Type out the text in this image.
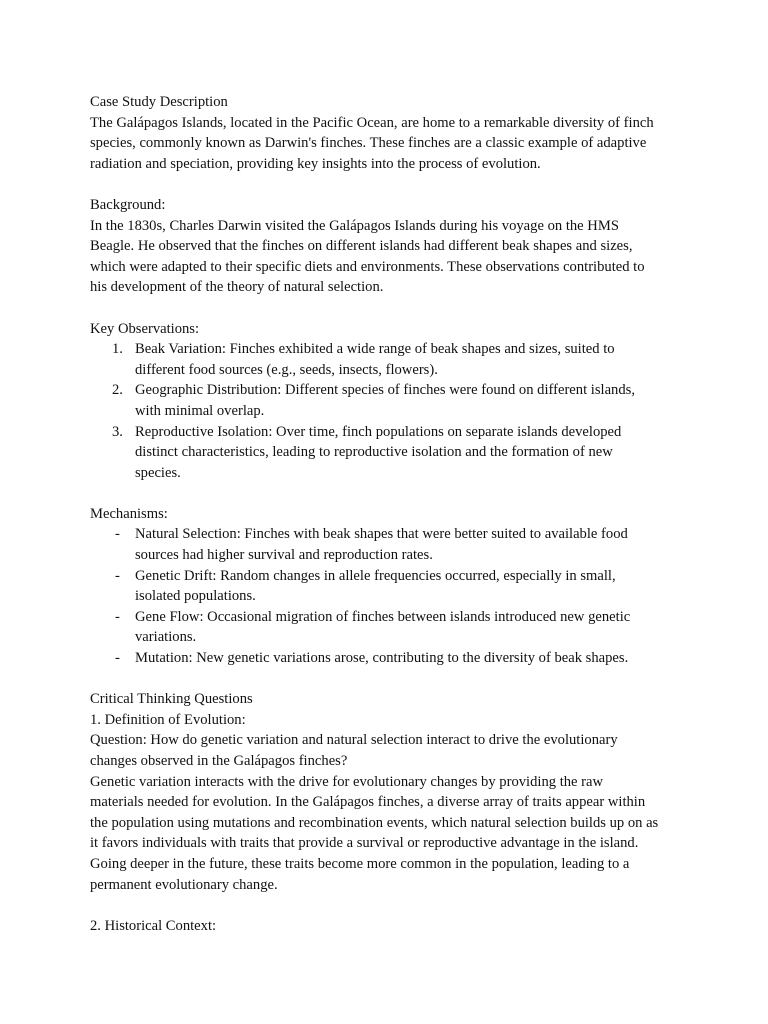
Case Study Description
The Galápagos Islands, located in the Pacific Ocean, are home to a remarkable diversity of finch
species, commonly known as Darwin's finches. These finches are a classic example of adaptive
radiation and speciation, providing key insights into the process of evolution.
Background:
In the 1830s, Charles Darwin visited the Galápagos Islands during his voyage on the HMS
Beagle. He observed that the finches on different islands had different beak shapes and sizes,
which were adapted to their specific diets and environments. These observations contributed to
his development of the theory of natural selection.
Key Observations:
1. Beak Variation: Finches exhibited a wide range of beak shapes and sizes, suited to
different food sources (e.g., seeds, insects, flowers).
2. Geographic Distribution: Different species of finches were found on different islands,
with minimal overlap.
3. Reproductive Isolation: Over time, finch populations on separate islands developed
distinct characteristics, leading to reproductive isolation and the formation of new
species.
Mechanisms:
-	Natural Selection: Finches with beak shapes that were better suited to available food
sources had higher survival and reproduction rates.
-	Genetic Drift: Random changes in allele frequencies occurred, especially in small,
isolated populations.
-	Gene Flow: Occasional migration of finches between islands introduced new genetic
variations.
-	Mutation: New genetic variations arose, contributing to the diversity of beak shapes.
Critical Thinking Questions
1. Definition of Evolution:
Question: How do genetic variation and natural selection interact to drive the evolutionary
changes observed in the Galápagos finches?
Genetic variation interacts with the drive for evolutionary changes by providing the raw
materials needed for evolution. In the Galápagos finches, a diverse array of traits appear within
the population using mutations and recombination events, which natural selection builds up on as
it favors individuals with traits that provide a survival or reproductive advantage in the island.
Going deeper in the future, these traits become more common in the population, leading to a
permanent evolutionary change.
2. Historical Context:
